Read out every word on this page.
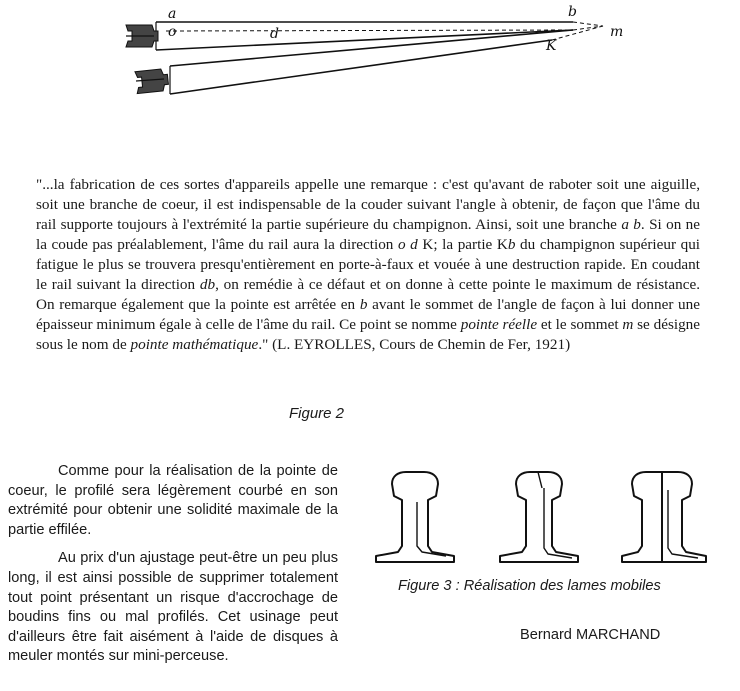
a
o	d
b
K
m

"...la fabrication de ces sortes d'appareils appelle une remarque : c'est qu'avant de raboter soit une aiguille, soit une branche de coeur, il est indispensable de la couder suivant l'angle à obtenir, de façon que l'âme du rail supporte toujours à l'extrémité la partie supérieure du champignon. Ainsi, soit une branche a b. Si on ne la coude pas préalablement, l'âme du rail aura la direction o d K; la partie Kb du champignon supérieur qui fatigue le plus se trouvera presqu'entièrement en porte-à-faux et vouée à une destruction rapide. En coudant le rail suivant la direction db, on remédie à ce défaut et on donne à cette pointe le maximum de résistance. On remarque également que la pointe est arrêtée en b avant le sommet de l'angle de façon à lui donner une épaisseur minimum égale à celle de l'âme du rail. Ce point se nomme pointe réelle et le sommet m se désigne sous le nom de pointe mathématique." (L. EYROLLES, Cours de Chemin de Fer, 1921)

Figure 2

Comme pour la réalisation de la pointe de coeur, le profilé sera légèrement courbé en son extrémité pour obtenir une solidité maximale de la partie effilée.

Au prix d'un ajustage peut-être un peu plus long, il est ainsi possible de supprimer totalement tout point présentant un risque d'accrochage de boudins fins ou mal profilés. Cet usinage peut d'ailleurs être fait aisément à l'aide de disques à meuler montés sur mini-perceuse.

Figure 3 : Réalisation des lames mobiles
Bernard MARCHAND
